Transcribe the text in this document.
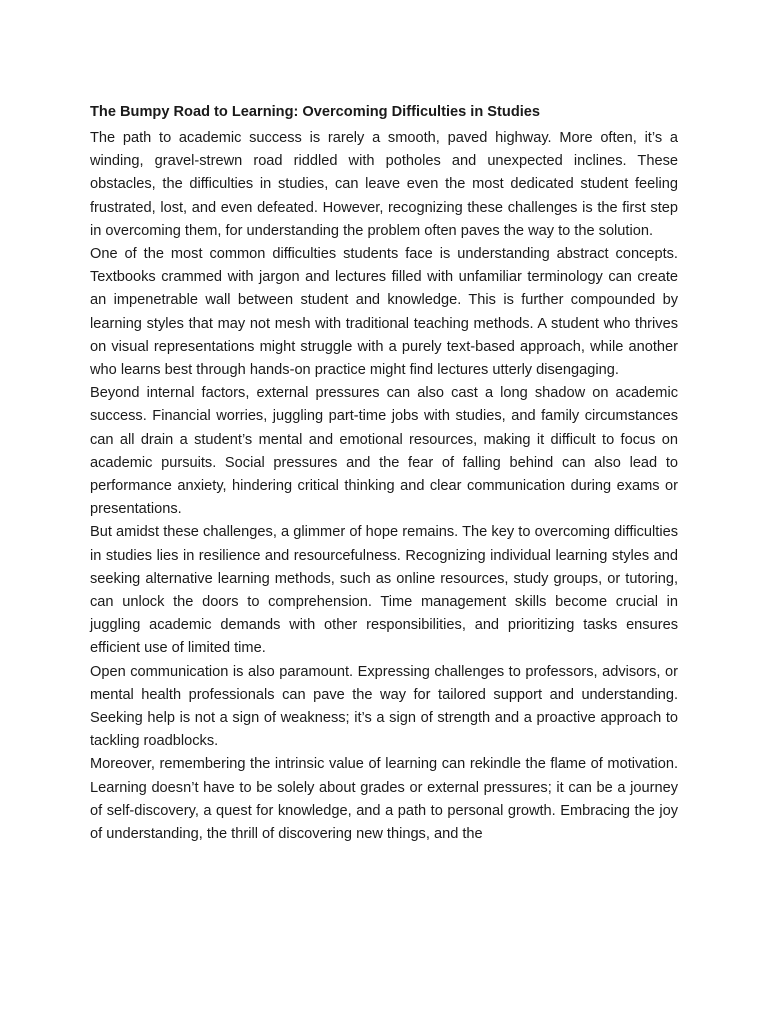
The Bumpy Road to Learning: Overcoming Difficulties in Studies

The path to academic success is rarely a smooth, paved highway. More often, it’s a winding, gravel-strewn road riddled with potholes and unexpected inclines. These obstacles, the difficulties in studies, can leave even the most dedicated student feeling frustrated, lost, and even defeated. However, recognizing these challenges is the first step in overcoming them, for understanding the problem often paves the way to the solution.

One of the most common difficulties students face is understanding abstract concepts. Textbooks crammed with jargon and lectures filled with unfamiliar terminology can create an impenetrable wall between student and knowledge. This is further compounded by learning styles that may not mesh with traditional teaching methods. A student who thrives on visual representations might struggle with a purely text-based approach, while another who learns best through hands-on practice might find lectures utterly disengaging.

Beyond internal factors, external pressures can also cast a long shadow on academic success. Financial worries, juggling part-time jobs with studies, and family circumstances can all drain a student’s mental and emotional resources, making it difficult to focus on academic pursuits. Social pressures and the fear of falling behind can also lead to performance anxiety, hindering critical thinking and clear communication during exams or presentations.

But amidst these challenges, a glimmer of hope remains. The key to overcoming difficulties in studies lies in resilience and resourcefulness. Recognizing individual learning styles and seeking alternative learning methods, such as online resources, study groups, or tutoring, can unlock the doors to comprehension. Time management skills become crucial in juggling academic demands with other responsibilities, and prioritizing tasks ensures efficient use of limited time.

Open communication is also paramount. Expressing challenges to professors, advisors, or mental health professionals can pave the way for tailored support and understanding. Seeking help is not a sign of weakness; it’s a sign of strength and a proactive approach to tackling roadblocks.

Moreover, remembering the intrinsic value of learning can rekindle the flame of motivation. Learning doesn’t have to be solely about grades or external pressures; it can be a journey of self-discovery, a quest for knowledge, and a path to personal growth. Embracing the joy of understanding, the thrill of discovering new things, and the
